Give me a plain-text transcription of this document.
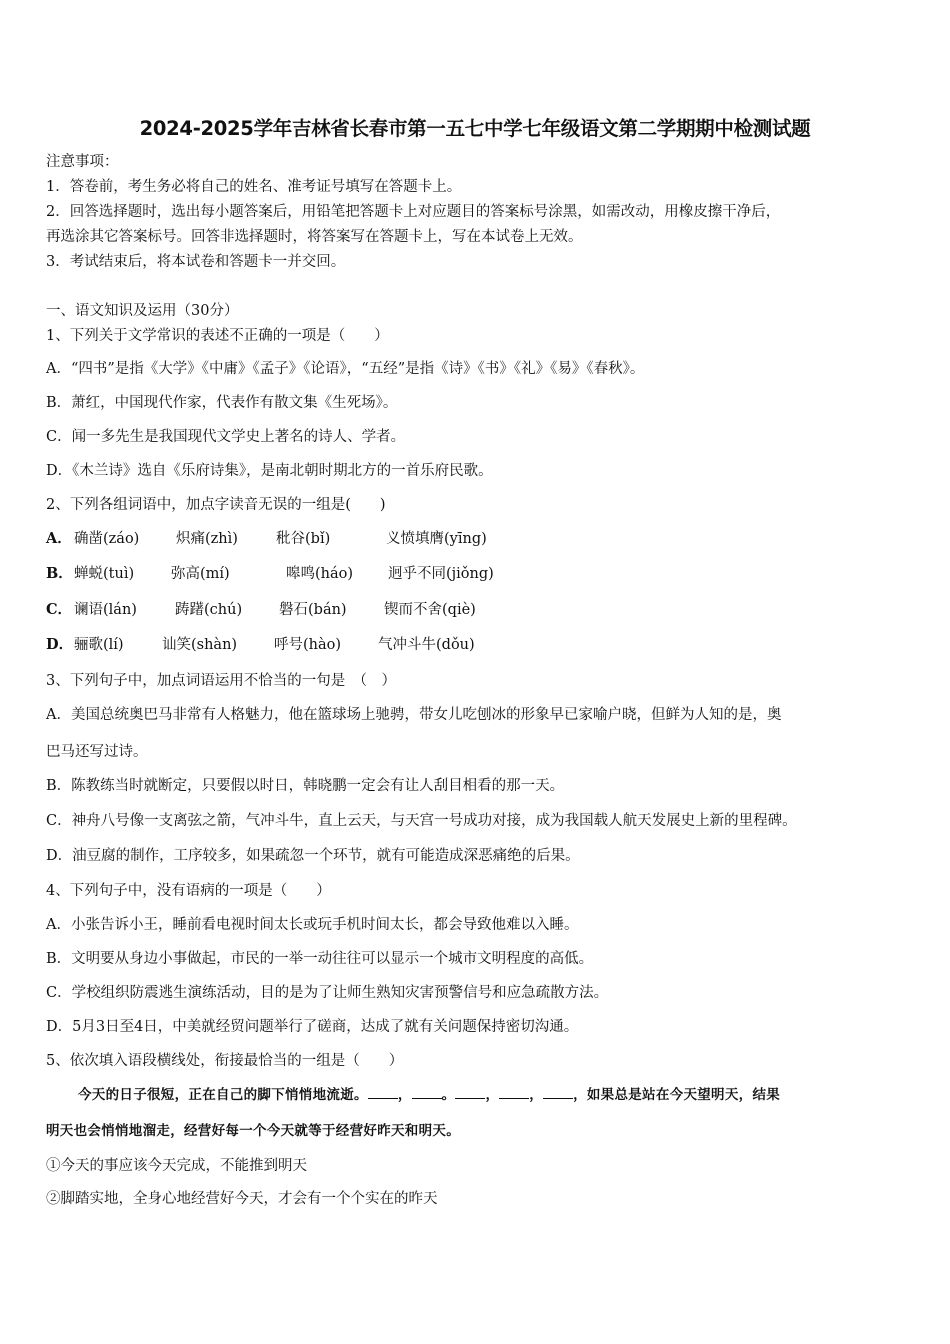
2024-2025学年吉林省长春市第一五七中学七年级语文第二学期期中检测试题
注意事项：
1．答卷前，考生务必将自己的姓名、准考证号填写在答题卡上。
2．回答选择题时，选出每小题答案后，用铅笔把答题卡上对应题目的答案标号涂黑，如需改动，用橡皮擦干净后，
再选涂其它答案标号。回答非选择题时，将答案写在答题卡上，写在本试卷上无效。
3．考试结束后，将本试卷和答题卡一并交回。
一、语文知识及运用（30分）
1、下列关于文学常识的表述不正确的一项是（　　）
A．“四书”是指《大学》《中庸》《孟子》《论语》，“五经”是指《诗》《书》《礼》《易》《春秋》。
B．萧红，中国现代作家，代表作有散文集《生死场》。
C．闻一多先生是我国现代文学史上著名的诗人、学者。
D．《木兰诗》选自《乐府诗集》，是南北朝时期北方的一首乐府民歌。
2、下列各组词语中，加点字读音无误的一组是(　　)
A． 确凿(záo)	炽痛(zhì)	秕谷(bǐ)	义愤填膺(yīng)
B． 蝉蜕(tuì)	弥高(mí)	嗥鸣(háo) 迥乎不同(jiǒng)
C． 谰语(lán)	踌躇(chú)	磐石(bán)	锲而不舍(qiè)
D． 骊歌(lí)	讪笑(shàn)	呼号(hào)	气冲斗牛(dǒu)
3、下列句子中，加点词语运用不恰当的一句是　（　）
A．美国总统奥巴马非常有人格魅力，他在篮球场上驰骋，带女儿吃刨冰的形象早已家喻户晓，但鲜为人知的是，奥
巴马还写过诗。
B．陈教练当时就断定，只要假以时日，韩晓鹏一定会有让人刮目相看的那一天。
C．神舟八号像一支离弦之箭，气冲斗牛，直上云天，与天宫一号成功对接，成为我国载人航天发展史上新的里程碑。
D．油豆腐的制作，工序较多，如果疏忽一个环节，就有可能造成深恶痛绝的后果。
4、下列句子中，没有语病的一项是（　　）
A．小张告诉小王，睡前看电视时间太长或玩手机时间太长，都会导致他难以入睡。
B．文明要从身边小事做起，市民的一举一动往往可以显示一个城市文明程度的高低。
C．学校组织防震逃生演练活动，目的是为了让师生熟知灾害预警信号和应急疏散方法。
D．5月3日至4日，中美就经贸问题举行了磋商，达成了就有关问题保持密切沟通。
5、依次填入语段横线处，衔接最恰当的一组是（　　）
今天的日子很短，正在自己的脚下悄悄地流逝。 ， 。 ， ， ，如果总是站在今天望明天，结果
明天也会悄悄地溜走，经营好每一个今天就等于经营好昨天和明天。
①今天的事应该今天完成，不能推到明天
②脚踏实地，全身心地经营好今天，才会有一个个实在的昨天
